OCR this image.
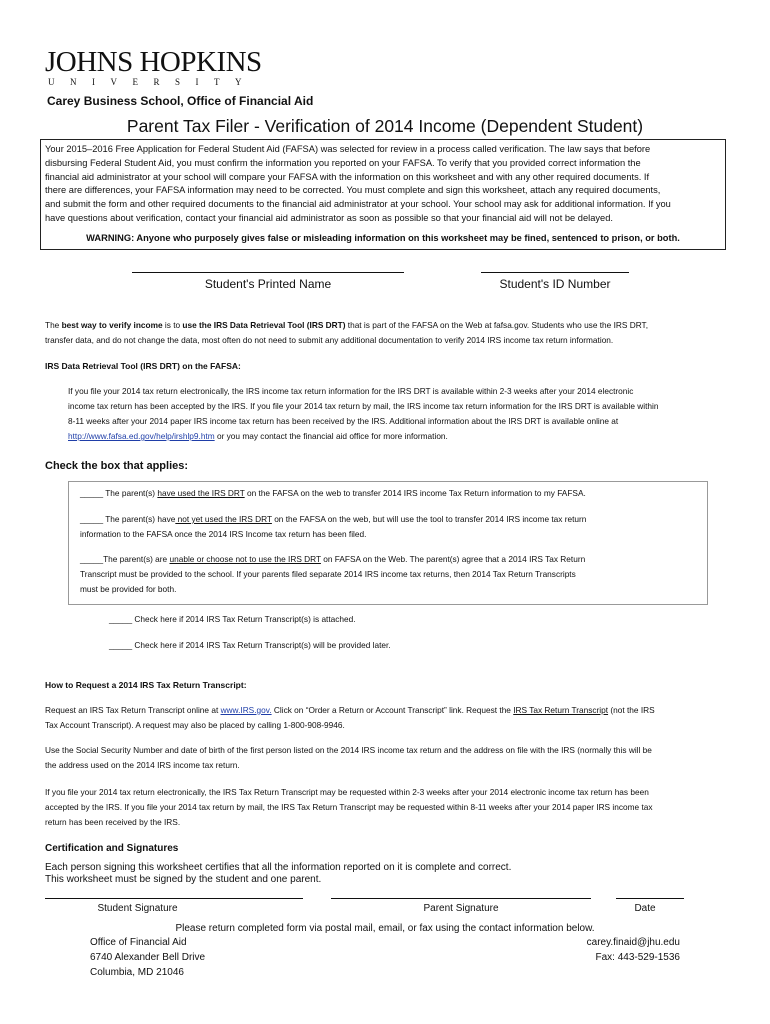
JOHNS HOPKINS
UNIVERSITY
Carey Business School, Office of Financial Aid
Parent Tax Filer - Verification of 2014 Income (Dependent Student)
Your 2015–2016 Free Application for Federal Student Aid (FAFSA) was selected for review in a process called verification. The law says that before
disbursing Federal Student Aid, you must confirm the information you reported on your FAFSA. To verify that you provided correct information the
financial aid administrator at your school will compare your FAFSA with the information on this worksheet and with any other required documents. If
there are differences, your FAFSA information may need to be corrected. You must complete and sign this worksheet, attach any required documents,
and submit the form and other required documents to the financial aid administrator at your school. Your school may ask for additional information. If you
have questions about verification, contact your financial aid administrator as soon as possible so that your financial aid will not be delayed.
WARNING: Anyone who purposely gives false or misleading information on this worksheet may be fined, sentenced to prison, or both.
Student's Printed Name	Student's ID Number
The best way to verify income is to use the IRS Data Retrieval Tool (IRS DRT) that is part of the FAFSA on the Web at fafsa.gov. Students who use the IRS DRT,
transfer data, and do not change the data, most often do not need to submit any additional documentation to verify 2014 IRS income tax return information.
IRS Data Retrieval Tool (IRS DRT) on the FAFSA:
If you file your 2014 tax return electronically, the IRS income tax return information for the IRS DRT is available within 2-3 weeks after your 2014 electronic
income tax return has been accepted by the IRS. If you file your 2014 tax return by mail, the IRS income tax return information for the IRS DRT is available within
8-11 weeks after your 2014 paper IRS income tax return has been received by the IRS. Additional information about the IRS DRT is available online at
http://www.fafsa.ed.gov/help/irshlp9.htm or you may contact the financial aid office for more information.
Check the box that applies:
_____ The parent(s) have used the IRS DRT on the FAFSA on the web to transfer 2014 IRS income Tax Return information to my FAFSA.
_____ The parent(s) have not yet used the IRS DRT on the FAFSA on the web, but will use the tool to transfer 2014 IRS income tax return
information to the FAFSA once the 2014 IRS Income tax return has been filed.
_____The parent(s) are unable or choose not to use the IRS DRT on FAFSA on the Web. The parent(s) agree that a 2014 IRS Tax Return
Transcript must be provided to the school. If your parents filed separate 2014 IRS income tax returns, then 2014 Tax Return Transcripts
must be provided for both.
_____ Check here if 2014 IRS Tax Return Transcript(s) is attached.
_____ Check here if 2014 IRS Tax Return Transcript(s) will be provided later.
How to Request a 2014 IRS Tax Return Transcript:
Request an IRS Tax Return Transcript online at www.IRS.gov. Click on “Order a Return or Account Transcript” link. Request the IRS Tax Return Transcript (not the IRS
Tax Account Transcript). A request may also be placed by calling 1-800-908-9946.
Use the Social Security Number and date of birth of the first person listed on the 2014 IRS income tax return and the address on file with the IRS (normally this will be
the address used on the 2014 IRS income tax return.
If you file your 2014 tax return electronically, the IRS Tax Return Transcript may be requested within 2-3 weeks after your 2014 electronic income tax return has been
accepted by the IRS. If you file your 2014 tax return by mail, the IRS Tax Return Transcript may be requested within 8-11 weeks after your 2014 paper IRS income tax
return has been received by the IRS.
Certification and Signatures
Each person signing this worksheet certifies that all the information reported on it is complete and correct.
This worksheet must be signed by the student and one parent.
Student Signature	Parent Signature	Date
Please return completed form via postal mail, email, or fax using the contact information below.
Office of Financial Aid
6740 Alexander Bell Drive
Columbia, MD 21046
carey.finaid@jhu.edu
Fax: 443-529-1536
